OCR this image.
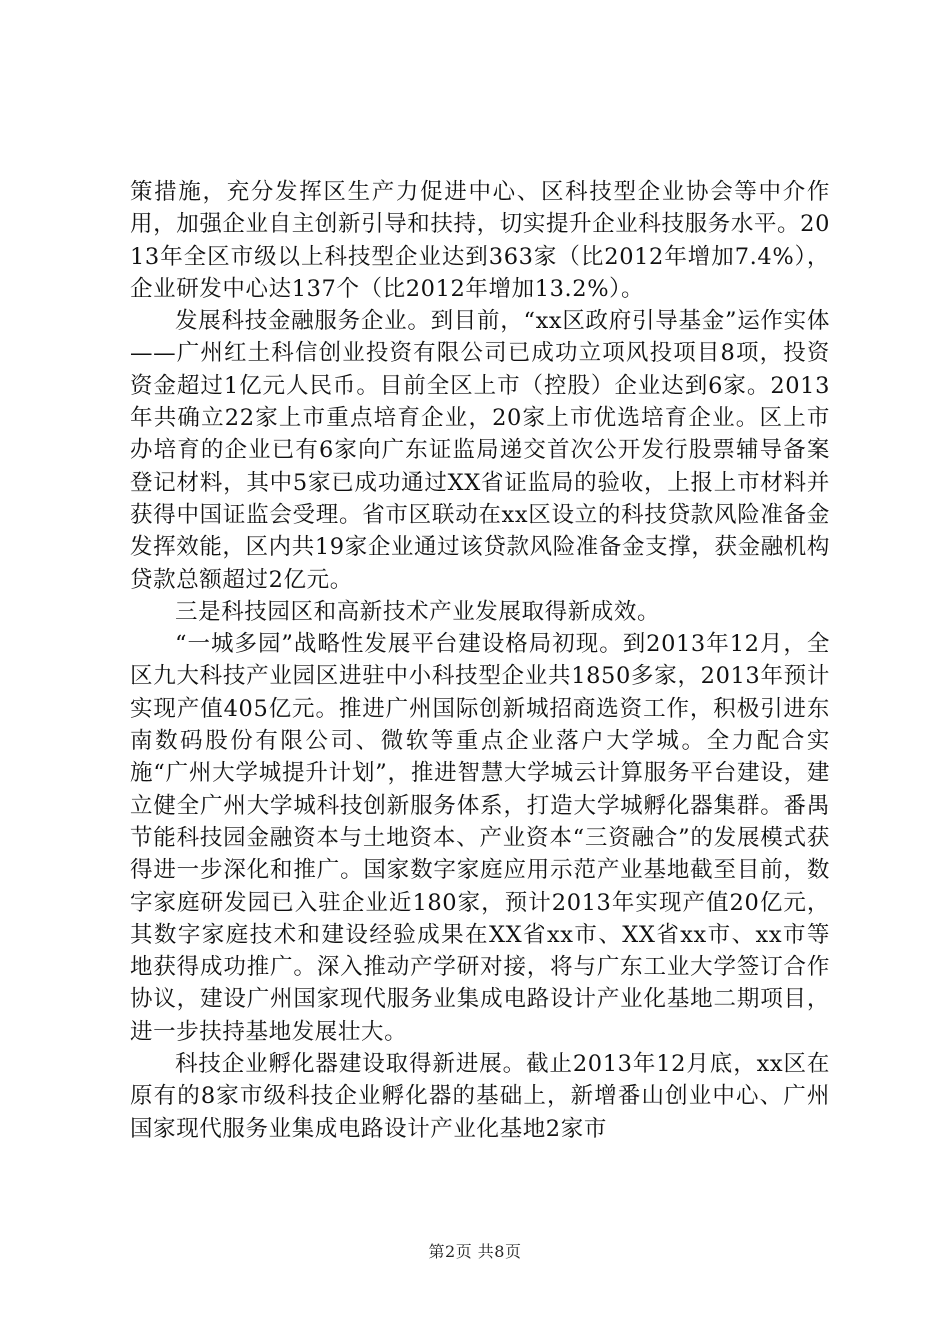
策措施，充分发挥区生产力促进中心、区科技型企业协会等中介作用，加强企业自主创新引导和扶持，切实提升企业科技服务水平。2013年全区市级以上科技型企业达到363家（比2012年增加7.4%），企业研发中心达137个（比2012年增加13.2%）。

发展科技金融服务企业。到目前，“xx区政府引导基金”运作实体——广州红土科信创业投资有限公司已成功立项风投项目8项，投资资金超过1亿元人民币。目前全区上市（控股）企业达到6家。2013年共确立22家上市重点培育企业，20家上市优选培育企业。区上市办培育的企业已有6家向广东证监局递交首次公开发行股票辅导备案登记材料，其中5家已成功通过XX省证监局的验收，上报上市材料并获得中国证监会受理。省市区联动在xx区设立的科技贷款风险准备金发挥效能，区内共19家企业通过该贷款风险准备金支撑，获金融机构贷款总额超过2亿元。

三是科技园区和高新技术产业发展取得新成效。

“一城多园”战略性发展平台建设格局初现。到2013年12月，全区九大科技产业园区进驻中小科技型企业共1850多家，2013年预计实现产值405亿元。推进广州国际创新城招商选资工作，积极引进东南数码股份有限公司、微软等重点企业落户大学城。全力配合实施“广州大学城提升计划”，推进智慧大学城云计算服务平台建设，建立健全广州大学城科技创新服务体系，打造大学城孵化器集群。番禺节能科技园金融资本与土地资本、产业资本“三资融合”的发展模式获得进一步深化和推广。国家数字家庭应用示范产业基地截至目前，数字家庭研发园已入驻企业近180家，预计2013年实现产值20亿元，其数字家庭技术和建设经验成果在XX省xx市、XX省xx市、xx市等地获得成功推广。深入推动产学研对接，将与广东工业大学签订合作协议，建设广州国家现代服务业集成电路设计产业化基地二期项目，进一步扶持基地发展壮大。

科技企业孵化器建设取得新进展。截止2013年12月底，xx区在原有的8家市级科技企业孵化器的基础上，新增番山创业中心、广州国家现代服务业集成电路设计产业化基地2家市

第2页 共8页
